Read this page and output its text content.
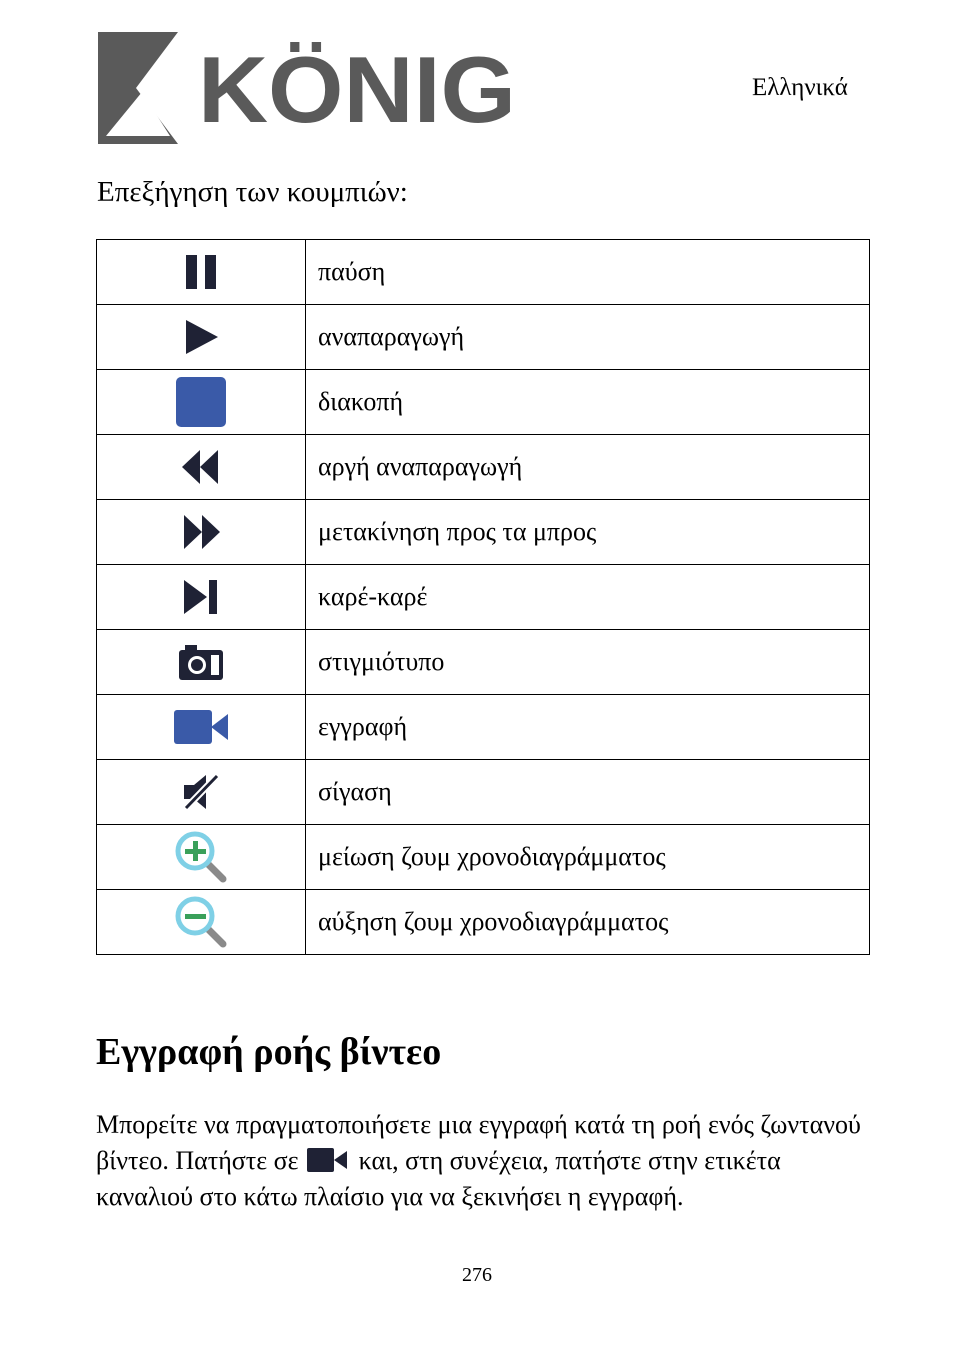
KÖNIG	Ελληνικά
Επεξήγηση των κουμπιών:
	παύση

	αναπαραγωγή

	διακοπή

	αργή αναπαραγωγή

	μετακίνηση προς τα μπρος

	καρέ-καρέ

	στιγμιότυπο

	εγγραφή

	σίγαση

	μείωση ζουμ χρονοδιαγράμματος

	αύξηση ζουμ χρονοδιαγράμματος
Εγγραφή ροής βίντεο

Μπορείτε να πραγματοποιήσετε μια εγγραφή κατά τη ροή ενός ζωντανού βίντεο. Πατήστε σε και, στη συνέχεια, πατήστε στην ετικέτα καναλιού στο κάτω πλαίσιο για να ξεκινήσει η εγγραφή.

276
